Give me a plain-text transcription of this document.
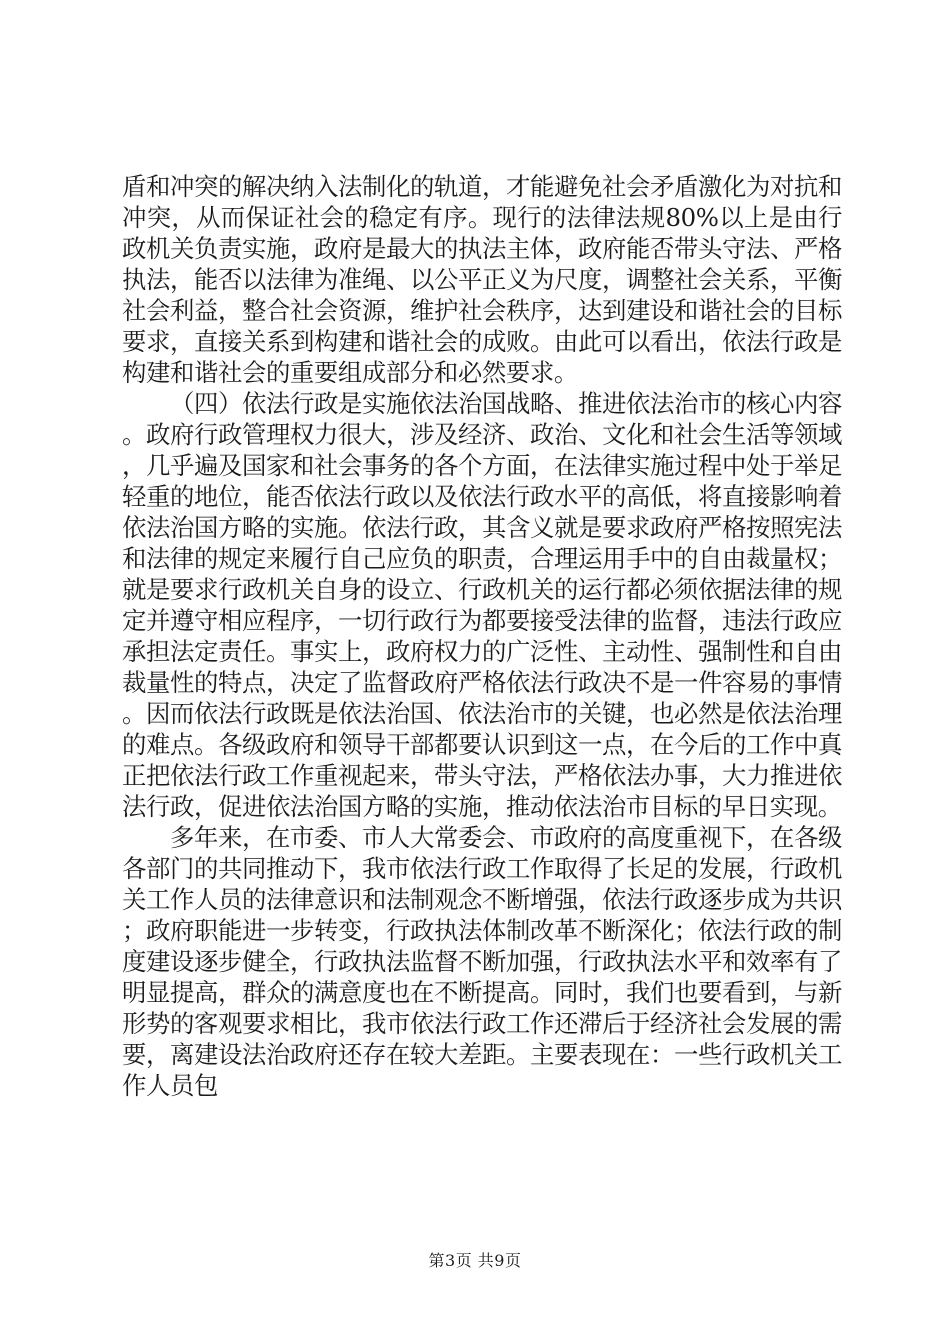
盾和冲突的解决纳入法制化的轨道，才能避免社会矛盾激化为对抗和冲突，从而保证社会的稳定有序。现行的法律法规80%以上是由行政机关负责实施，政府是最大的执法主体，政府能否带头守法、严格执法，能否以法律为准绳、以公平正义为尺度，调整社会关系，平衡社会利益，整合社会资源，维护社会秩序，达到建设和谐社会的目标要求，直接关系到构建和谐社会的成败。由此可以看出，依法行政是构建和谐社会的重要组成部分和必然要求。

（四）依法行政是实施依法治国战略、推进依法治市的核心内容。政府行政管理权力很大，涉及经济、政治、文化和社会生活等领域，几乎遍及国家和社会事务的各个方面，在法律实施过程中处于举足轻重的地位，能否依法行政以及依法行政水平的高低，将直接影响着依法治国方略的实施。依法行政，其含义就是要求政府严格按照宪法和法律的规定来履行自己应负的职责，合理运用手中的自由裁量权；就是要求行政机关自身的设立、行政机关的运行都必须依据法律的规定并遵守相应程序，一切行政行为都要接受法律的监督，违法行政应承担法定责任。事实上，政府权力的广泛性、主动性、强制性和自由裁量性的特点，决定了监督政府严格依法行政决不是一件容易的事情。因而依法行政既是依法治国、依法治市的关键，也必然是依法治理的难点。各级政府和领导干部都要认识到这一点，在今后的工作中真正把依法行政工作重视起来，带头守法，严格依法办事，大力推进依法行政，促进依法治国方略的实施，推动依法治市目标的早日实现。

多年来，在市委、市人大常委会、市政府的高度重视下，在各级各部门的共同推动下，我市依法行政工作取得了长足的发展，行政机关工作人员的法律意识和法制观念不断增强，依法行政逐步成为共识；政府职能进一步转变，行政执法体制改革不断深化；依法行政的制度建设逐步健全，行政执法监督不断加强，行政执法水平和效率有了明显提高，群众的满意度也在不断提高。同时，我们也要看到，与新形势的客观要求相比，我市依法行政工作还滞后于经济社会发展的需要，离建设法治政府还存在较大差距。主要表现在：一些行政机关工作人员包

第3页 共9页
